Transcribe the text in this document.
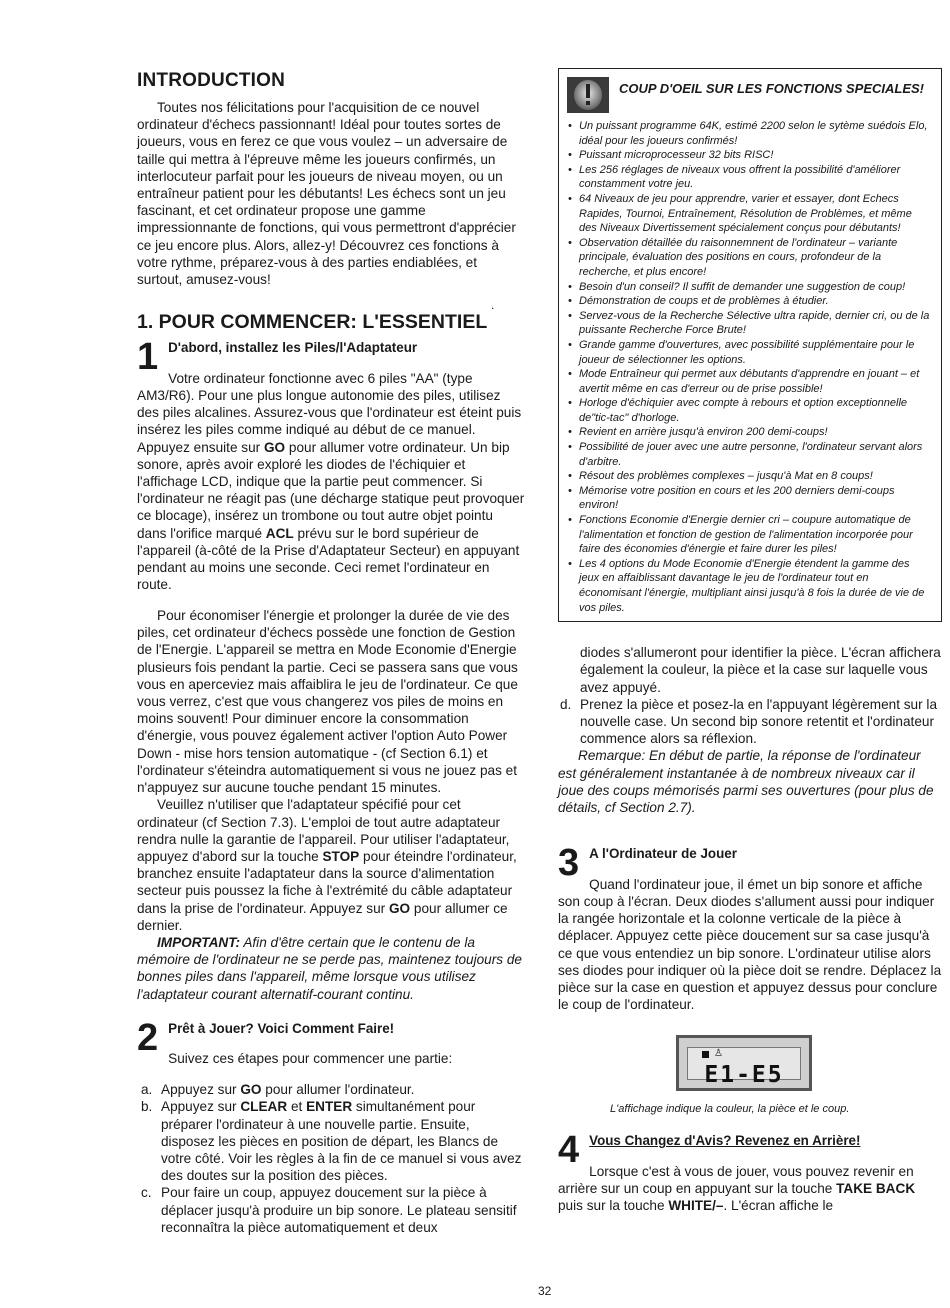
INTRODUCTION

Toutes nos félicitations pour l'acquisition de ce nouvel ordinateur d'échecs passionnant! Idéal pour toutes sortes de joueurs, vous en ferez ce que vous voulez – un adversaire de taille qui mettra à l'épreuve même les joueurs confirmés, un interlocuteur parfait pour les joueurs de niveau moyen, ou un entraîneur patient pour les débutants! Les échecs sont un jeu fascinant, et cet ordinateur propose une gamme impressionnante de fonctions, qui vous permettront d'apprécier ce jeu encore plus. Alors, allez-y! Découvrez ces fonctions à votre rythme, préparez-vous à des parties endiablées, et surtout, amusez-vous!

1. POUR COMMENCER: L'ESSENTIEL
1 D'abord, installez les Piles/l'Adaptateur

Votre ordinateur fonctionne avec 6 piles "AA" (type AM3/R6). Pour une plus longue autonomie des piles, utilisez des piles alcalines. Assurez-vous que l'ordinateur est éteint puis insérez les piles comme indiqué au début de ce manuel. Appuyez ensuite sur GO pour allumer votre ordinateur. Un bip sonore, après avoir exploré les diodes de l'échiquier et l'affichage LCD, indique que la partie peut commencer. Si l'ordinateur ne réagit pas (une décharge statique peut provoquer ce blocage), insérez un trombone ou tout autre objet pointu dans l'orifice marqué ACL prévu sur le bord supérieur de l'appareil (à-côté de la Prise d'Adaptateur Secteur) en appuyant pendant au moins une seconde. Ceci remet l'ordinateur en route.

Pour économiser l'énergie et prolonger la durée de vie des piles, cet ordinateur d'échecs possède une fonction de Gestion de l'Energie. L'appareil se mettra en Mode Economie d'Energie plusieurs fois pendant la partie. Ceci se passera sans que vous vous en aperceviez mais affaiblira le jeu de l'ordinateur. Ce que vous verrez, c'est que vous changerez vos piles de moins en moins souvent! Pour diminuer encore la consommation d'énergie, vous pouvez également activer l'option Auto Power Down - mise hors tension automatique - (cf Section 6.1) et l'ordinateur s'éteindra automatiquement si vous ne jouez pas et n'appuyez sur aucune touche pendant 15 minutes.

Veuillez n'utiliser que l'adaptateur spécifié pour cet ordinateur (cf Section 7.3). L'emploi de tout autre adaptateur rendra nulle la garantie de l'appareil. Pour utiliser l'adaptateur, appuyez d'abord sur la touche STOP pour éteindre l'ordinateur, branchez ensuite l'adaptateur dans la source d'alimentation secteur puis poussez la fiche à l'extrémité du câble adaptateur dans la prise de l'ordinateur. Appuyez sur GO pour allumer ce dernier.

IMPORTANT: Afin d'être certain que le contenu de la mémoire de l'ordinateur ne se perde pas, maintenez toujours de bonnes piles dans l'appareil, même lorsque vous utilisez l'adaptateur courant alternatif-courant continu.

2 Prêt à Jouer? Voici Comment Faire!

Suivez ces étapes pour commencer une partie:

a. Appuyez sur GO pour allumer l'ordinateur.
b. Appuyez sur CLEAR et ENTER simultanément pour préparer l'ordinateur à une nouvelle partie. Ensuite, disposez les pièces en position de départ, les Blancs de votre côté. Voir les règles à la fin de ce manuel si vous avez des doutes sur la position des pièces.
c. Pour faire un coup, appuyez doucement sur la pièce à déplacer jusqu'à produire un bip sonore. Le plateau sensitif reconnaîtra la pièce automatiquement et deux
COUP D'OEIL SUR LES FONCTIONS SPECIALES!
• Un puissant programme 64K, estimé 2200 selon le sytème suédois Elo, idéal pour les joueurs confirmés!
• Puissant microprocesseur 32 bits RISC!
• Les 256 réglages de niveaux vous offrent la possibilité d'améliorer constamment votre jeu.
• 64 Niveaux de jeu pour apprendre, varier et essayer, dont Echecs Rapides, Tournoi, Entraînement, Résolution de Problèmes, et même des Niveaux Divertissement spécialement conçus pour débutants!
• Observation détaillée du raisonnemnent de l'ordinateur – variante principale, évaluation des positions en cours, profondeur de la recherche, et plus encore!
• Besoin d'un conseil? Il suffit de demander une suggestion de coup!
• Démonstration de coups et de problèmes à étudier.
• Servez-vous de la Recherche Sélective ultra rapide, dernier cri, ou de la puissante Recherche Force Brute!
• Grande gamme d'ouvertures, avec possibilité supplémentaire pour le joueur de sélectionner les options.
• Mode Entraîneur qui permet aux débutants d'apprendre en jouant – et avertit même en cas d'erreur ou de prise possible!
• Horloge d'échiquier avec compte à rebours et option exceptionnelle de"tic-tac" d'horloge.
• Revient en arrière jusqu'à environ 200 demi-coups!
• Possibilité de jouer avec une autre personne, l'ordinateur servant alors d'arbitre.
• Résout des problèmes complexes – jusqu'à Mat en 8 coups!
• Mémorise votre position en cours et les 200 derniers demi-coups environ!
• Fonctions Economie d'Energie dernier cri – coupure automatique de l'alimentation et fonction de gestion de l'alimentation incorporée pour faire des économies d'énergie et faire durer les piles!
• Les 4 options du Mode Economie d'Energie étendent la gamme des jeux en affaiblissant davantage le jeu de l'ordinateur tout en économisant l'énergie, multipliant ainsi jusqu'à 8 fois la durée de vie de vos piles.

diodes s'allumeront pour identifier la pièce. L'écran affichera également la couleur, la pièce et la case sur laquelle vous avez appuyé.

d. Prenez la pièce et posez-la en l'appuyant légèrement sur la nouvelle case. Un second bip sonore retentit et l'ordinateur commence alors sa réflexion.

Remarque: En début de partie, la réponse de l'ordinateur est généralement instantanée à de nombreux niveaux car il joue des coups mémorisés parmi ses ouvertures (pour plus de détails, cf Section 2.7).

3 A l'Ordinateur de Jouer

Quand l'ordinateur joue, il émet un bip sonore et affiche son coup à l'écran. Deux diodes s'allument aussi pour indiquer la rangée horizontale et la colonne verticale de la pièce à déplacer. Appuyez cette pièce doucement sur sa case jusqu'à ce que vous entendiez un bip sonore. L'ordinateur utilise alors ses diodes pour indiquer où la pièce doit se rendre. Déplacez la pièce sur la case en question et appuyez dessus pour conclure le coup de l'ordinateur.

♙
E1-E5

L'affichage indique la couleur, la pièce et le coup.

4 Vous Changez d'Avis? Revenez en Arrière!

Lorsque c'est à vous de jouer, vous pouvez revenir en arrière sur un coup en appuyant sur la touche TAKE BACK puis sur la touche WHITE/–. L'écran affiche le

.
32
